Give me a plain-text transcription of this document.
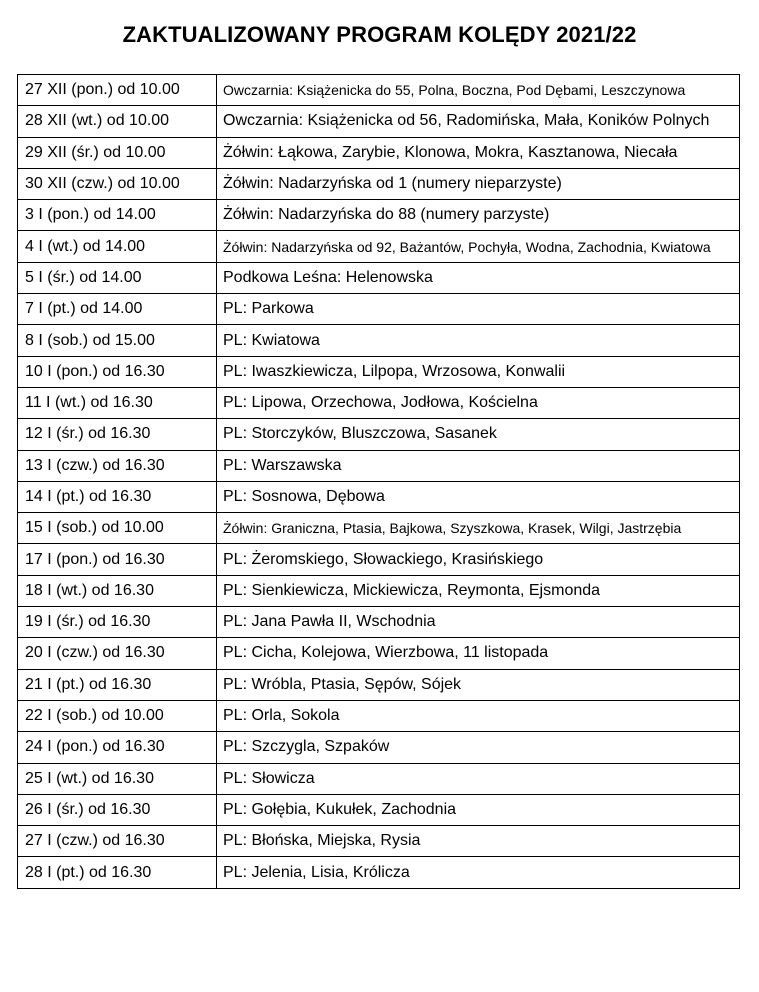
ZAKTUALIZOWANY PROGRAM KOLĘDY 2021/22
27 XII (pon.) od 10.00	Owczarnia: Książenicka do 55, Polna, Boczna, Pod Dębami, Leszczynowa
28 XII (wt.) od 10.00	Owczarnia: Książenicka od 56, Radomińska, Mała, Koników Polnych
29 XII (śr.) od 10.00	Żółwin: Łąkowa, Zarybie, Klonowa, Mokra, Kasztanowa, Niecała
30 XII (czw.) od 10.00	Żółwin: Nadarzyńska od 1 (numery nieparzyste)
3 I (pon.) od 14.00	Żółwin: Nadarzyńska do 88 (numery parzyste)
4 I (wt.) od 14.00	Żółwin: Nadarzyńska od 92, Bażantów, Pochyła, Wodna, Zachodnia, Kwiatowa
5 I (śr.) od 14.00	Podkowa Leśna: Helenowska
7 I (pt.) od 14.00	PL: Parkowa
8 I (sob.) od 15.00	PL: Kwiatowa
10 I (pon.) od 16.30	PL: Iwaszkiewicza, Lilpopa, Wrzosowa, Konwalii
11 I (wt.) od 16.30	PL: Lipowa, Orzechowa, Jodłowa, Kościelna
12 I (śr.) od 16.30	PL: Storczyków, Bluszczowa, Sasanek
13 I (czw.) od 16.30	PL: Warszawska
14 I (pt.) od 16.30	PL: Sosnowa, Dębowa
15 I (sob.) od 10.00	Żółwin: Graniczna, Ptasia, Bajkowa, Szyszkowa, Krasek, Wilgi, Jastrzębia
17 I (pon.) od 16.30	PL: Żeromskiego, Słowackiego, Krasińskiego
18 I (wt.) od 16.30	PL: Sienkiewicza, Mickiewicza, Reymonta, Ejsmonda
19 I (śr.) od 16.30	PL: Jana Pawła II, Wschodnia
20 I (czw.) od 16.30	PL: Cicha, Kolejowa, Wierzbowa, 11 listopada
21 I (pt.) od 16.30	PL: Wróbla, Ptasia, Sępów, Sójek
22 I (sob.) od 10.00	PL: Orla, Sokola
24 I (pon.) od 16.30	PL: Szczygla, Szpaków
25 I (wt.) od 16.30	PL: Słowicza
26 I (śr.) od 16.30	PL: Gołębia, Kukułek, Zachodnia
27 I (czw.) od 16.30	PL: Błońska, Miejska, Rysia
28 I (pt.) od 16.30	PL: Jelenia, Lisia, Królicza
